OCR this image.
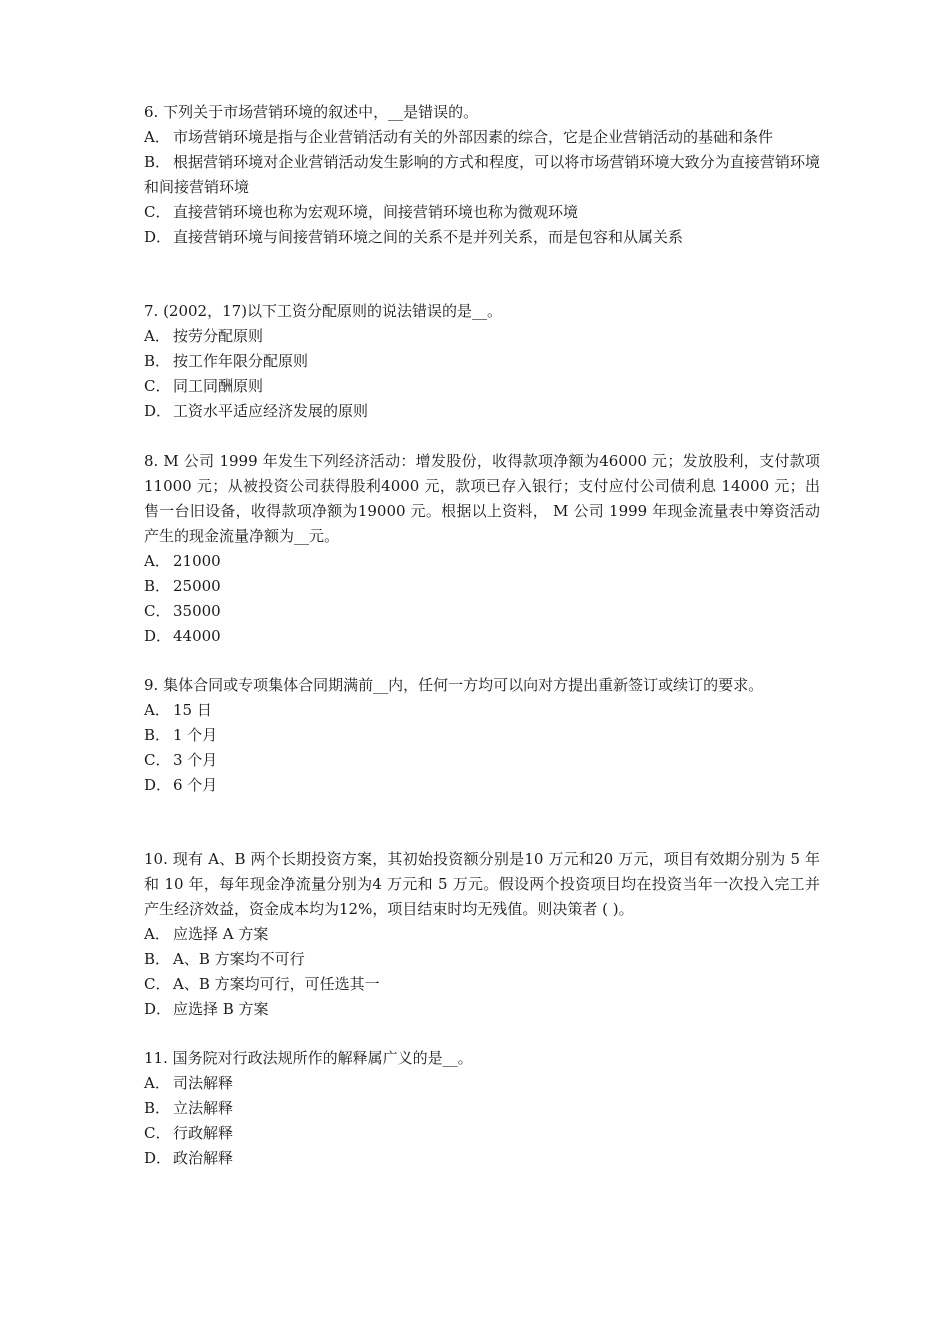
6. 下列关于市场营销环境的叙述中，__是错误的。

A． 市场营销环境是指与企业营销活动有关的外部因素的综合，它是企业营销活动的基础和条件

B． 根据营销环境对企业营销活动发生影响的方式和程度，可以将市场营销环境大致分为直接营销环境和间接营销环境

C． 直接营销环境也称为宏观环境，间接营销环境也称为微观环境

D． 直接营销环境与间接营销环境之间的关系不是并列关系，而是包容和从属关系

7. (2002，17)以下工资分配原则的说法错误的是__。

A． 按劳分配原则

B． 按工作年限分配原则

C． 同工同酬原则

D． 工资水平适应经济发展的原则

8. M 公司 1999 年发生下列经济活动：增发股份，收得款项净额为46000 元；发放股利，支付款项 11000 元；从被投资公司获得股利4000 元，款项已存入银行；支付应付公司债利息 14000 元；出售一台旧设备，收得款项净额为19000 元。根据以上资料， M 公司 1999 年现金流量表中筹资活动产生的现金流量净额为__元。

A． 21000

B． 25000

C． 35000

D． 44000

9. 集体合同或专项集体合同期满前__内，任何一方均可以向对方提出重新签订或续订的要求。

A． 15 日

B． 1 个月

C． 3 个月

D． 6 个月

10. 现有 A、B 两个长期投资方案，其初始投资额分别是10 万元和20 万元，项目有效期分别为 5 年和 10 年，每年现金净流量分别为4 万元和 5 万元。假设两个投资项目均在投资当年一次投入完工并产生经济效益，资金成本均为12%，项目结束时均无残值。则决策者 ( )。

A． 应选择 A 方案

B． A、B 方案均不可行

C． A、B 方案均可行，可任选其一

D． 应选择 B 方案

11. 国务院对行政法规所作的解释属广义的是__。

A． 司法解释

B． 立法解释

C． 行政解释

D． 政治解释
